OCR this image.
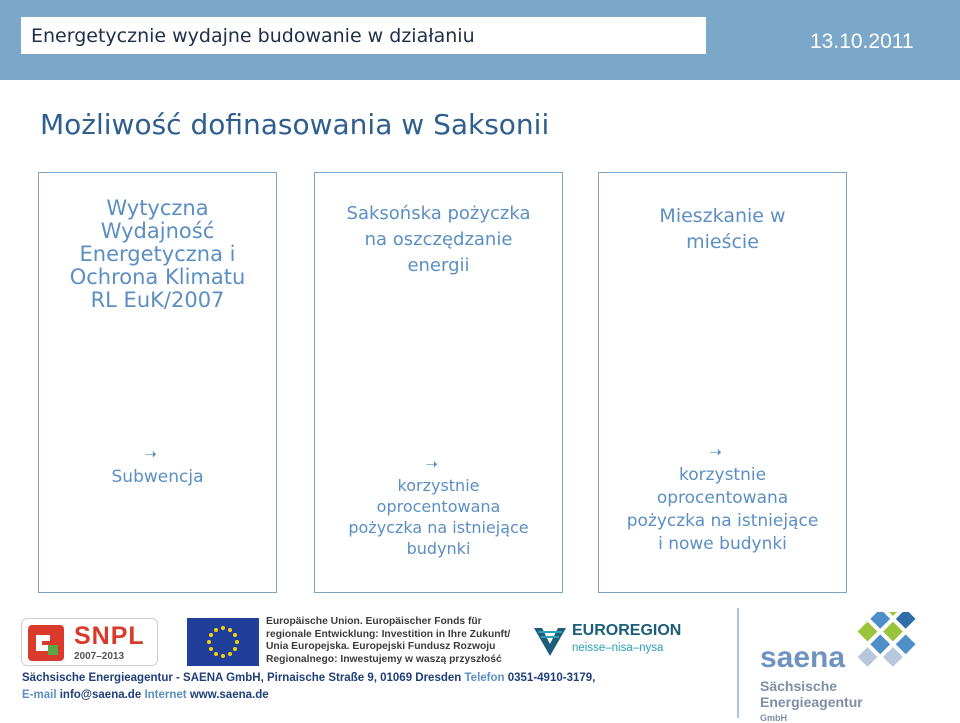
Energetycznie wydajne budowanie w działaniu	13.10.2011
Możliwość dofinasowania w Saksonii
Wytyczna
Wydajność
Energetyczna i
Ochrona Klimatu
RL EuK/2007
➝
Subwencja
Saksońska pożyczka
na oszczędzanie
energii
➝
korzystnie
oprocentowana
pożyczka na istniejące
budynki
Mieszkanie w
mieście
➝
korzystnie
oprocentowana
pożyczka na istniejące
i nowe budynki
SNPL
2007–2013
Europäische Union. Europäischer Fonds für
regionale Entwicklung: Investition in Ihre Zukunft/
Unia Europejska. Europejski Fundusz Rozwoju
Regionalnego: Inwestujemy w waszą przyszłość
EUROREGION
neisse–nisa–nysa
Sächsische Energieagentur - SAENA GmbH, Pirnaische Straße 9, 01069 Dresden Telefon 0351-4910-3179,
E-mail info@saena.de Internet www.saena.de
saena
Sächsische
Energieagentur
GmbH
